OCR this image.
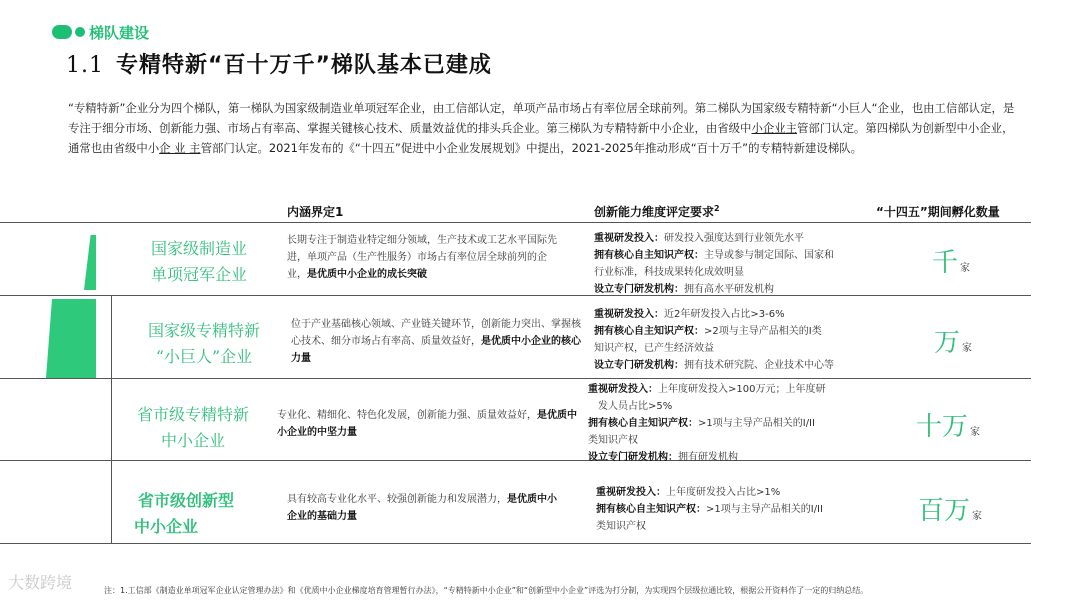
梯队建设
1.1 专精特新“百十万千”梯队基本已建成
“专精特新”企业分为四个梯队，第一梯队为国家级制造业单项冠军企业，由工信部认定，单项产品市场占有率位居全球前列。第二梯队为国家级专精特新“小巨人“企业，也由工信部认定，是专注于细分市场、创新能力强、市场占有率高、掌握关键核心技术、质量效益优的排头兵企业。第三梯队为专精特新中小企业，由省级中小企业主管部门认定。第四梯队为创新型中小企业，通常也由省级中小企 业 主管部门认定。2021年发布的《“十四五”促进中小企业发展规划》中提出，2021-2025年推动形成“百十万千”的专精特新建设梯队。
内涵界定1	创新能力维度评定要求$^2$	“十四五”期间孵化数量
国家级制造业
单项冠军企业
长期专注于制造业特定细分领域，生产技术或工艺水平国际先进，单项产品（生产性服务）市场占有率位居全球前列的企业，是优质中小企业的成长突破
重视研发投入：研发投入强度达到行业领先水平
拥有核心自主知识产权：主导或参与制定国际、国家和
行业标准，科技成果转化成效明显
设立专门研发机构：拥有高水平研发机构
千家
国家级专精特新
“小巨人”企业
位于产业基础核心领域、产业链关键环节，创新能力突出、掌握核心技术、细分市场占有率高、质量效益好，是优质中小企业的核心力量
重视研发投入：近2年研发投入占比>3-6%
拥有核心自主知识产权：>2项与主导产品相关的I类
知识产权，已产生经济效益
设立专门研发机构：拥有技术研究院、企业技术中心等
万家
省市级专精特新
中小企业
专业化、精细化、特色化发展，创新能力强、质量效益好，是优质中小企业的中坚力量
重视研发投入：上年度研发投入>100万元；上年度研
发人员占比>5%
拥有核心自主知识产权：>1项与主导产品相关的I/II
类知识产权
设立专门研发机构：拥有研发机构
十万 家
省市级创新型
中小企业
具有较高专业化水平、较强创新能力和发展潜力，是优质中小企业的基础力量
重视研发投入：上年度研发投入占比>1%
拥有核心自主知识产权：>1项与主导产品相关的I/II
类知识产权
百万 家
注：1.工信部《制造业单项冠军企业认定管理办法》和《优质中小企业梯度培育管理暂行办法》，“专精特新中小企业”和“创新型中小企业”评选为打分制，为实现四个层级拉通比较，根据公开资料作了一定的归纳总结。
大数跨境
